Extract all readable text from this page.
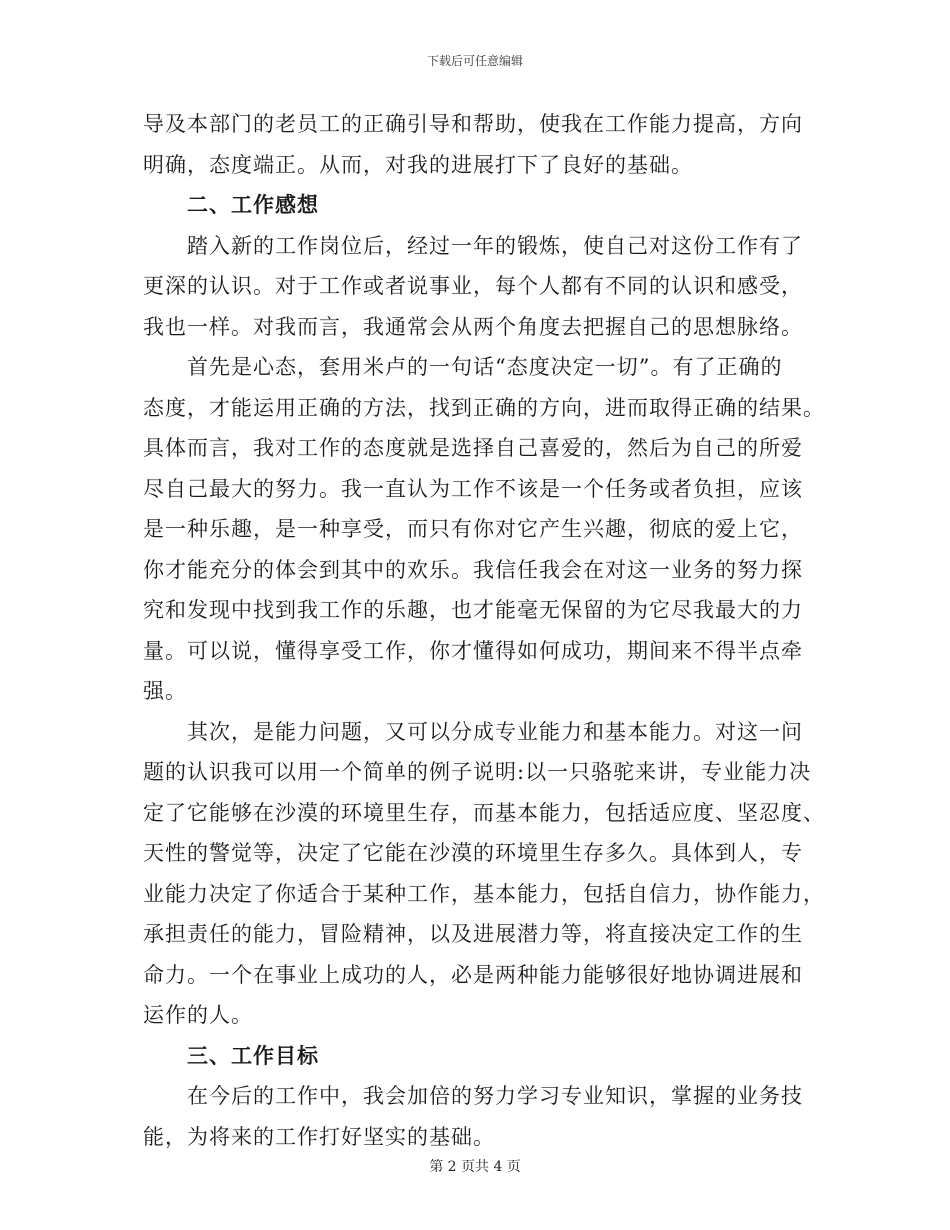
下载后可任意编辑
导及本部门的老员工的正确引导和帮助，使我在工作能力提高，方向
明确，态度端正。从而，对我的进展打下了良好的基础。
二、工作感想
踏入新的工作岗位后，经过一年的锻炼，使自己对这份工作有了
更深的认识。对于工作或者说事业，每个人都有不同的认识和感受，
我也一样。对我而言，我通常会从两个角度去把握自己的思想脉络。
首先是心态，套用米卢的一句话“态度决定一切”。有了正确的
态度，才能运用正确的方法，找到正确的方向，进而取得正确的结果。
具体而言，我对工作的态度就是选择自己喜爱的，然后为自己的所爱
尽自己最大的努力。我一直认为工作不该是一个任务或者负担，应该
是一种乐趣，是一种享受，而只有你对它产生兴趣，彻底的爱上它，
你才能充分的体会到其中的欢乐。我信任我会在对这一业务的努力探
究和发现中找到我工作的乐趣，也才能毫无保留的为它尽我最大的力
量。可以说，懂得享受工作，你才懂得如何成功，期间来不得半点牵
强。
其次，是能力问题，又可以分成专业能力和基本能力。对这一问
题的认识我可以用一个简单的例子说明:以一只骆驼来讲，专业能力决
定了它能够在沙漠的环境里生存，而基本能力，包括适应度、坚忍度、
天性的警觉等，决定了它能在沙漠的环境里生存多久。具体到人，专
业能力决定了你适合于某种工作，基本能力，包括自信力，协作能力，
承担责任的能力，冒险精神，以及进展潜力等，将直接决定工作的生
命力。一个在事业上成功的人，必是两种能力能够很好地协调进展和
运作的人。
三、工作目标
在今后的工作中，我会加倍的努力学习专业知识，掌握的业务技
能，为将来的工作打好坚实的基础。
第 2 页共 4 页
